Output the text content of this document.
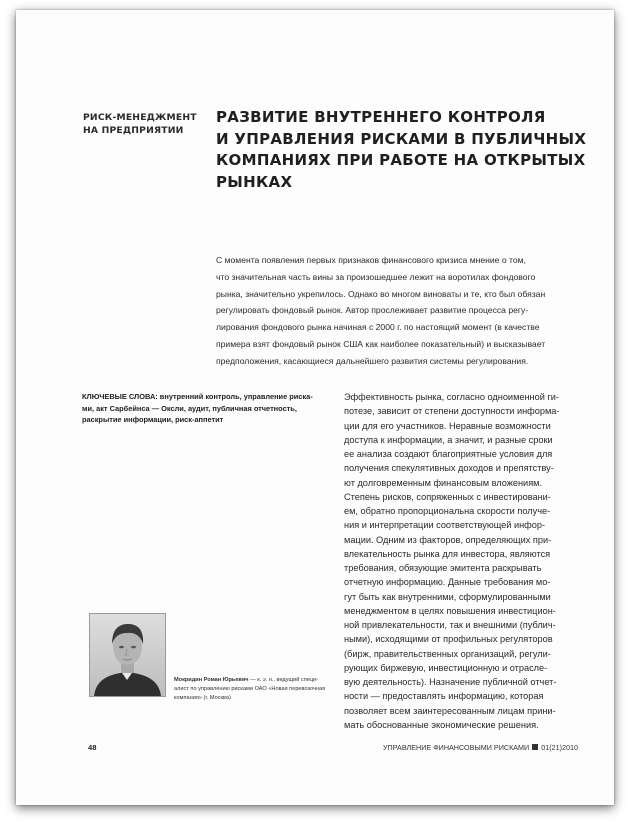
РИСК-МЕНЕДЖМЕНТ
НА ПРЕДПРИЯТИИ
РАЗВИТИЕ ВНУТРЕННЕГО КОНТРОЛЯ
И УПРАВЛЕНИЯ РИСКАМИ В ПУБЛИЧНЫХ
КОМПАНИЯХ ПРИ РАБОТЕ НА ОТКРЫТЫХ
РЫНКАХ
С момента появления первых признаков финансового кризиса мнение о том,
что значительная часть вины за произошедшее лежит на воротилах фондового
рынка, значительно укрепилось. Однако во многом виноваты и те, кто был обязан
регулировать фондовый рынок. Автор прослеживает развитие процесса регу-
лирования фондового рынка начиная с 2000 г. по настоящий момент (в качестве
примера взят фондовый рынок США как наиболее показательный) и высказывает
предположения, касающиеся дальнейшего развития системы регулирования.
КЛЮЧЕВЫЕ СЛОВА: внутренний контроль, управление риска-
ми, акт Сарбейнса — Оксли, аудит, публичная отчетность,
раскрытие информации, риск-аппетит
Эффективность рынка, согласно одноименной ги-
потезе, зависит от степени доступности информа-
ции для его участников. Неравные возможности
доступа к информации, а значит, и разные сроки
ее анализа создают благоприятные условия для
получения спекулятивных доходов и препятству-
ют долговременным финансовым вложениям.
Степень рисков, сопряженных с инвестировани-
ем, обратно пропорциональна скорости получе-
ния и интерпретации соответствующей инфор-
мации. Одним из факторов, определяющих при-
влекательность рынка для инвестора, являются
требования, обязующие эмитента раскрывать
отчетную информацию. Данные требования мо-
гут быть как внутренними, сформулированными
менеджментом в целях повышения инвестицион-
ной привлекательности, так и внешними (публич-
ными), исходящими от профильных регуляторов
(бирж, правительственных организаций, регули-
рующих биржевую, инвестиционную и отраслe-
вую деятельность). Назначение публичной отчет-
ности — предоставлять информацию, которая
позволяет всем заинтересованным лицам прини-
мать обоснованные экономические решения.
Мокридин Роман Юрьевич — к. э. н., ведущий специ-
алист по управлению рисками ОАО «Новая перевозочная
компания» (г. Москва)
48	УПРАВЛЕНИЕ ФИНАНСОВЫМИ РИСКАМИ 01(21)2010
